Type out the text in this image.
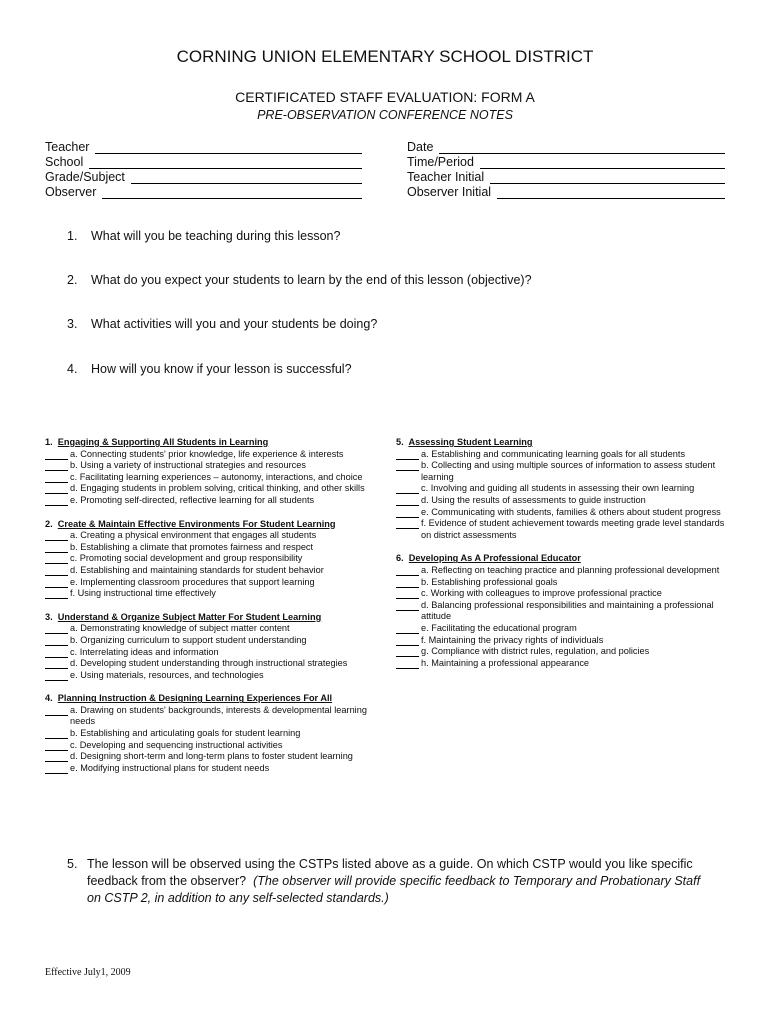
CORNING UNION ELEMENTARY SCHOOL DISTRICT
CERTIFICATED STAFF EVALUATION: FORM A
PRE-OBSERVATION CONFERENCE NOTES
Teacher
School
Grade/Subject
Observer
Date
Time/Period
Teacher Initial
Observer Initial
1. What will you be teaching during this lesson?
2. What do you expect your students to learn by the end of this lesson (objective)?
3. What activities will you and your students be doing?
4. How will you know if your lesson is successful?
1. Engaging & Supporting All Students in Learning
a. Connecting students' prior knowledge, life experience & interests
b. Using a variety of instructional strategies and resources
c. Facilitating learning experiences – autonomy, interactions, and choice
d. Engaging students in problem solving, critical thinking, and other skills
e. Promoting self-directed, reflective learning for all students
2. Create & Maintain Effective Environments For Student Learning
a. Creating a physical environment that engages all students
b. Establishing a climate that promotes fairness and respect
c. Promoting social development and group responsibility
d. Establishing and maintaining standards for student behavior
e. Implementing classroom procedures that support learning
f. Using instructional time effectively
3. Understand & Organize Subject Matter For Student Learning
a. Demonstrating knowledge of subject matter content
b. Organizing curriculum to support student understanding
c. Interrelating ideas and information
d. Developing student understanding through instructional strategies
e. Using materials, resources, and technologies
4. Planning Instruction & Designing Learning Experiences For All
a. Drawing on students' backgrounds, interests & developmental learning needs
b. Establishing and articulating goals for student learning
c. Developing and sequencing instructional activities
d. Designing short-term and long-term plans to foster student learning
e. Modifying instructional plans for student needs
5. Assessing Student Learning
a. Establishing and communicating learning goals for all students
b. Collecting and using multiple sources of information to assess student learning
c. Involving and guiding all students in assessing their own learning
d. Using the results of assessments to guide instruction
e. Communicating with students, families & others about student progress
f. Evidence of student achievement towards meeting grade level standards on district assessments
6. Developing As A Professional Educator
a. Reflecting on teaching practice and planning professional development
b. Establishing professional goals
c. Working with colleagues to improve professional practice
d. Balancing professional responsibilities and maintaining a professional attitude
e. Facilitating the educational program
f. Maintaining the privacy rights of individuals
g. Compliance with district rules, regulation, and policies
h. Maintaining a professional appearance
5. The lesson will be observed using the CSTPs listed above as a guide. On which CSTP would you like specific
feedback from the observer? (The observer will provide specific feedback to Temporary and Probationary Staff
on CSTP 2, in addition to any self-selected standards.)
Effective July1, 2009
